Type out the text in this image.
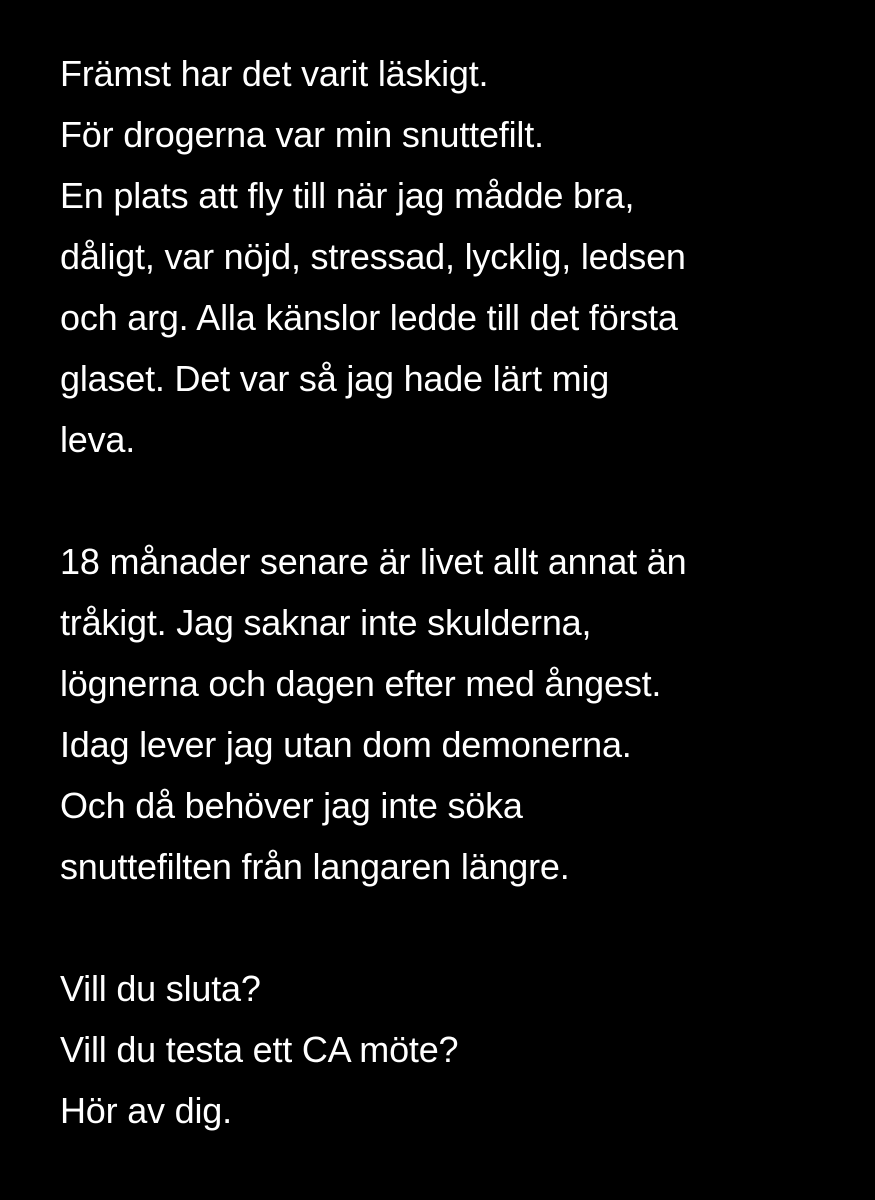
Främst har det varit läskigt.
För drogerna var min snuttefilt.
En plats att fly till när jag mådde bra,
dåligt, var nöjd, stressad, lycklig, ledsen
och arg. Alla känslor ledde till det första
glaset. Det var så jag hade lärt mig
leva.
18 månader senare är livet allt annat än
tråkigt. Jag saknar inte skulderna,
lögnerna och dagen efter med ångest.
Idag lever jag utan dom demonerna.
Och då behöver jag inte söka
snuttefilten från langaren längre.
Vill du sluta?
Vill du testa ett CA möte?
Hör av dig.
